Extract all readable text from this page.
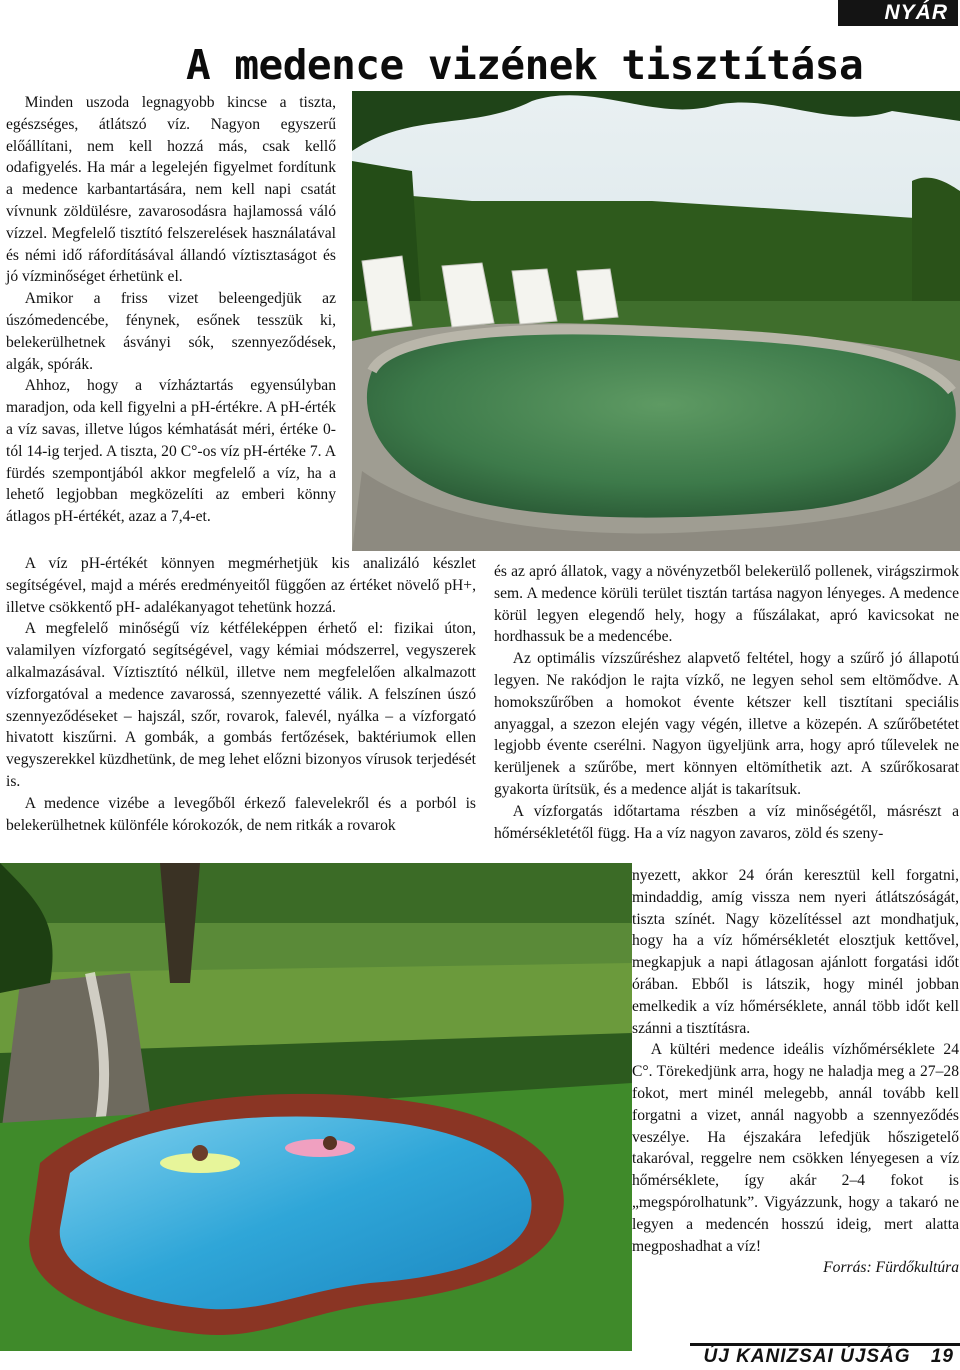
NYÁR
A medence vizének tisztítása

Minden uszoda legnagyobb kincse a tiszta, egészséges, átlátszó víz. Nagyon egyszerű előállítani, nem kell hozzá más, csak kellő odafigyelés. Ha már a legelején figyelmet fordítunk a medence karbantartására, nem kell napi csatát vívnunk zöldülésre, zavarosodásra hajlamossá váló vízzel. Megfelelő tisztító felszerelések használatával és némi idő ráfordításával állandó víztisztaságot és jó vízminőséget érhetünk el.

Amikor a friss vizet beleengedjük az úszómedencébe, fénynek, esőnek tesszük ki, belekerülhetnek ásványi sók, szennyeződések, algák, spórák.

Ahhoz, hogy a vízháztartás egyensúlyban maradjon, oda kell figyelni a pH-értékre. A pH-érték a víz savas, illetve lúgos kémhatását méri, értéke 0-tól 14-ig terjed. A tiszta, 20 C°-os víz pH-értéke 7. A fürdés szempontjából akkor megfelelő a víz, ha a lehető legjobban megközelíti az emberi könny átlagos pH-értékét, azaz a 7,4-et.

A víz pH-értékét könnyen megmérhetjük kis analizáló készlet segítségével, majd a mérés eredményeitől függően az értéket növelő pH+, illetve csökkentő pH- adalékanyagot tehetünk hozzá.

A megfelelő minőségű víz kétféleképpen érhető el: fizikai úton, valamilyen vízforgató segítségével, vagy kémiai módszerrel, vegyszerek alkalmazásával. Víztisztító nélkül, illetve nem megfelelően alkalmazott vízforgatóval a medence zavarossá, szennyezetté válik. A felszínen úszó szennyeződéseket – hajszál, szőr, rovarok, falevél, nyálka – a vízforgató hivatott kiszűrni. A gombák, a gombás fertőzések, baktériumok ellen vegyszerekkel küzdhetünk, de meg lehet előzni bizonyos vírusok terjedését is.

A medence vizébe a levegőből érkező falevelekről és a porból is belekerülhetnek különféle kórokozók, de nem ritkák a rovarok

és az apró állatok, vagy a növényzetből belekerülő pollenek, virágszirmok sem. A medence körüli terület tisztán tartása nagyon lényeges. A medence körül legyen elegendő hely, hogy a fűszálakat, apró kavicsokat ne hordhassuk be a medencébe.

Az optimális vízszűréshez alapvető feltétel, hogy a szűrő jó állapotú legyen. Ne rakódjon le rajta vízkő, ne legyen sehol sem eltömődve. A homokszűrőben a homokot évente kétszer kell tisztítani speciális anyaggal, a szezon elején vagy végén, illetve a közepén. A szűrőbetétet legjobb évente cserélni. Nagyon ügyeljünk arra, hogy apró tűlevelek ne kerüljenek a szűrőbe, mert könnyen eltömíthetik azt. A szűrőkosarat gyakorta ürítsük, és a medence alját is takarítsuk.

A vízforgatás időtartama részben a víz minőségétől, másrészt a hőmérsékletétől függ. Ha a víz nagyon zavaros, zöld és szeny-

nyezett, akkor 24 órán keresztül kell forgatni, mindaddig, amíg vissza nem nyeri átlátszóságát, tiszta színét. Nagy közelítéssel azt mondhatjuk, hogy ha a víz hőmérsékletét elosztjuk kettővel, megkapjuk a napi átlagosan ajánlott forgatási időt órában. Ebből is látszik, hogy minél jobban emelkedik a víz hőmérséklete, annál több időt kell szánni a tisztításra.

A kültéri medence ideális vízhőmérséklete 24 C°. Törekedjünk arra, hogy ne haladja meg a 27–28 fokot, mert minél melegebb, annál tovább kell forgatni a vizet, annál nagyobb a szennyeződés veszélye. Ha éjszakára lefedjük hőszigetelő takaróval, reggelre nem csökken lényegesen a víz hőmérséklete, így akár 2–4 fokot is „megspórolhatunk”. Vigyázzunk, hogy a takaró ne legyen a medencén hosszú ideig, mert alatta megposhadhat a víz!

Forrás: Fürdőkultúra

ÚJ KANIZSAI ÚJSÁG 19
